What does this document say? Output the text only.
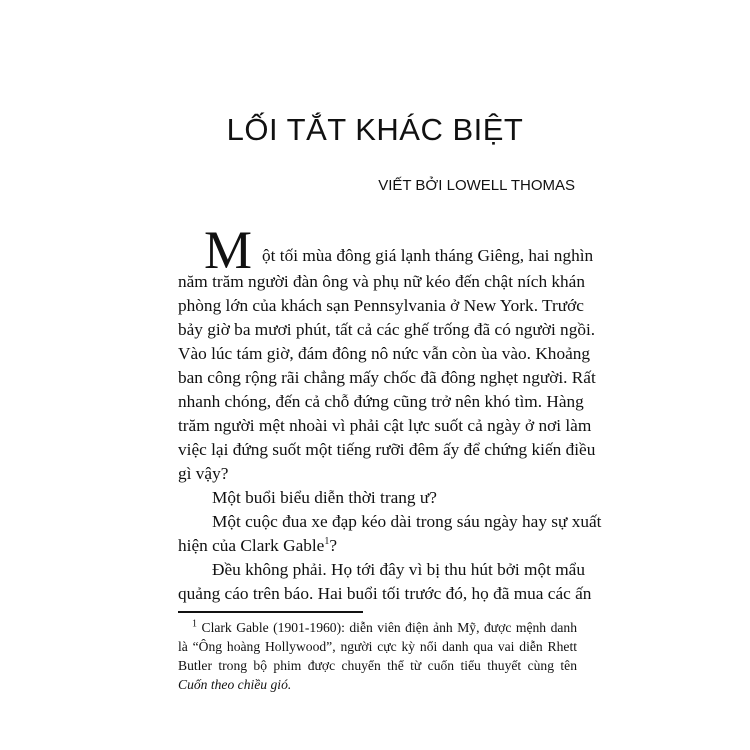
LỐI TẮT KHÁC BIỆT
VIẾT BỞI LOWELL THOMAS
M ột tối mùa đông giá lạnh tháng Giêng, hai nghìn
năm trăm người đàn ông và phụ nữ kéo đến chật ních khán
phòng lớn của khách sạn Pennsylvania ở New York. Trước
bảy giờ ba mươi phút, tất cả các ghế trống đã có người ngồi.
Vào lúc tám giờ, đám đông nô nức vẫn còn ùa vào. Khoảng
ban công rộng rãi chẳng mấy chốc đã đông nghẹt người. Rất
nhanh chóng, đến cả chỗ đứng cũng trở nên khó tìm. Hàng
trăm người mệt nhoài vì phải cật lực suốt cả ngày ở nơi làm
việc lại đứng suốt một tiếng rưỡi đêm ấy để chứng kiến điều
gì vậy?
Một buổi biểu diễn thời trang ư?
Một cuộc đua xe đạp kéo dài trong sáu ngày hay sự xuất
hiện của Clark Gable$^1$?
Đều không phải. Họ tới đây vì bị thu hút bởi một mẩu
quảng cáo trên báo. Hai buổi tối trước đó, họ đã mua các ấn
$^1$ Clark Gable (1901-1960): diễn viên điện ảnh Mỹ, được mệnh danh
là “Ông hoàng Hollywood”, người cực kỳ nổi danh qua vai diễn Rhett
Butler trong bộ phim được chuyển thể từ cuốn tiểu thuyết cùng tên
Cuốn theo chiều gió.
